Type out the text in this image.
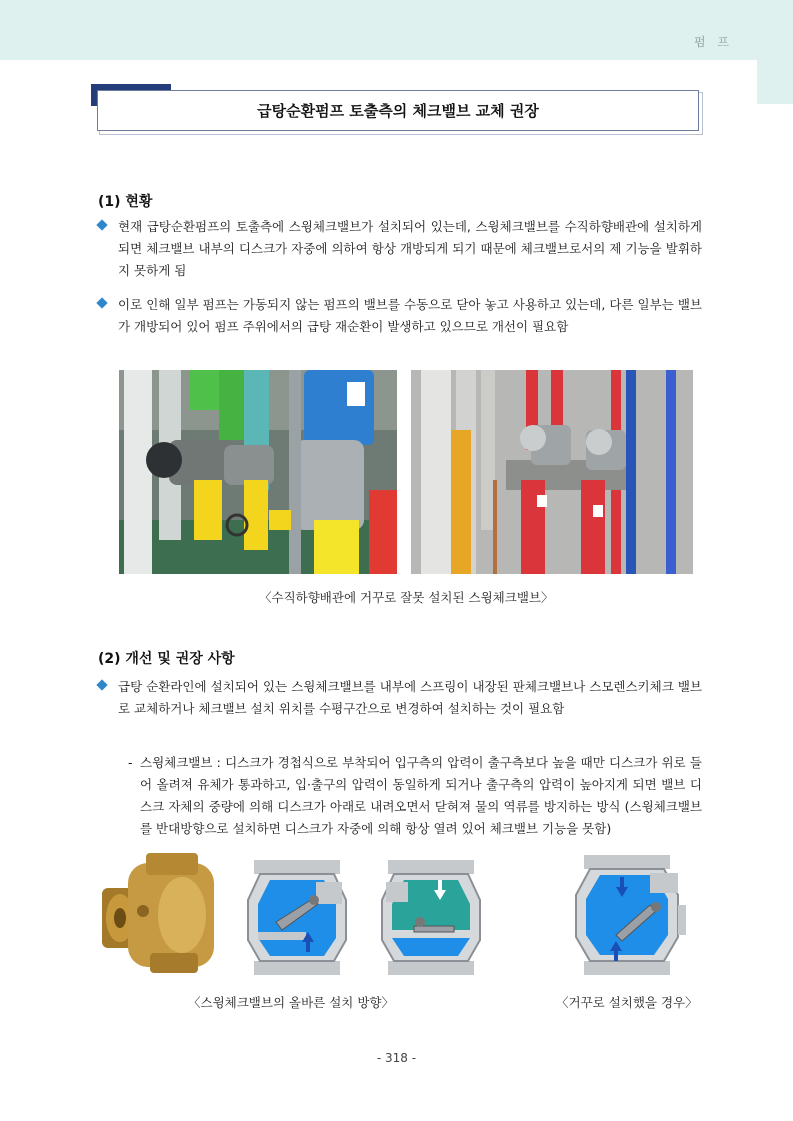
펌 프
급탕순환펌프 토출측의 체크밸브 교체 권장
(1) 현황
현재 급탕순환펌프의 토출측에 스윙체크밸브가 설치되어 있는데, 스윙체크밸브를 수직하향배관에 설치하게 되면 체크밸브 내부의 디스크가 자중에 의하여 항상 개방되게 되기 때문에 체크밸브로서의 제 기능을 발휘하지 못하게 됨
이로 인해 일부 펌프는 가동되지 않는 펌프의 밸브를 수동으로 닫아 놓고 사용하고 있는데, 다른 일부는 밸브가 개방되어 있어 펌프 주위에서의 급탕 재순환이 발생하고 있으므로 개선이 필요함
〈수직하향배관에 거꾸로 잘못 설치된 스윙체크밸브〉
(2) 개선 및 권장 사항
급탕 순환라인에 설치되어 있는 스윙체크밸브를 내부에 스프링이 내장된 판체크밸브나 스모렌스키체크 밸브로 교체하거나 체크밸브 설치 위치를 수평구간으로 변경하여 설치하는 것이 필요함
- 스윙체크밸브 : 디스크가 경첩식으로 부착되어 입구측의 압력이 출구측보다 높을 때만 디스크가 위로 들어 올려져 유체가 통과하고, 입·출구의 압력이 동일하게 되거나 출구측의 압력이 높아지게 되면 밸브 디스크 자체의 중량에 의해 디스크가 아래로 내려오면서 닫혀져 물의 역류를 방지하는 방식 (스윙체크밸브를 반대방향으로 설치하면 디스크가 자중에 의해 항상 열려 있어 체크밸브 기능을 못함)
〈스윙체크밸브의 올바른 설치 방향〉	〈거꾸로 설치했을 경우〉
- 318 -
